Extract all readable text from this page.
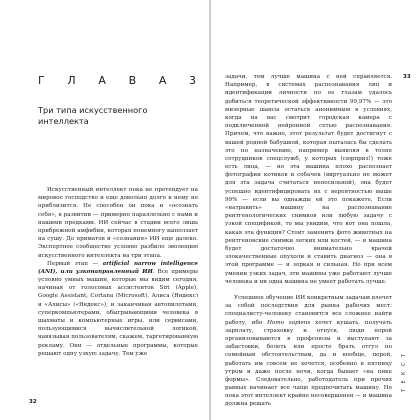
Г Л А В А 3
Три типа искусственного интеллекта

Искусственный интеллект пока не претендует на мировое господство и еще довольно долго к нему не приблизится. Не способен он пока и «осознать себя», в развитии — примерно параллельно с нами и нашими предками. ИИ сейчас в стадии всего лишь прибрежной амфибии, которая понемногу выползает на сушу. До приматов и «сознания» ИИ еще далеко. Экспертное сообщество условно разбило эволюцию искусственного интеллекта на три этапа.

Первый этап — artificial narrow intelligence (ANI), или узконаправленный ИИ. Все примеры условно умных машин, которые мы видим сегодня, начиная от голосовых ассистентов Siri (Apple), Google Assistant, Cortana (Microsoft), Алиса (Яндекс) и «Алисы» («Яндекс»), и заканчивая автопилотами, суперкомпьютерами, обыгрывающими человека в шахматы и компьютерные игры, или сервисами, пользующимися вычислительной логикой, навязывая пользователям, скажем, таргетированную рекламу. Они — отдельные программы, которые решают одну узкую задачу. Тем уже

32

задачи, тем лучше машина с ней справляется. Например, в системах распознавания лиц и идентификации личности по ее глазам удалось добиться теоретической эффективности 99,97% — это мизерные шансы остаться анонимным в условиях, когда на вас смотрит городская камера с подключенной нейронной сетью распознавания. Причем, что важно, этот результат будет достигнут с вашей родной бабушкой, которая пыталась бы сделать это по назначению, например выявляя в толпе сотрудников спецслужб, у которых (сюрприз!) тоже есть лица, — но эта машина плохо распознает фотографии котиков и собачек (виртуально не может для эта задача считаться непосильной), она будет успешно идентифицировать их с вероятностью выше 99% — если вы однажды ей это покажете. Если «натравить» машину на распознавание рентгенологических снимков или любую задачу с узкой спецификой, то мы увидим, что вот она пошла, какая эта функция? Стоит заменить фото животных на рентгеновские снимки легких или костей, — и машина будет достаточно внимательно врачей злокачественные опухоли и ставить диагноз — она в этой программе — и зоркая и сильная. Но при всем умении узких задач, эти машины уже работают лучше человека и ни одна машина не умеет работать лучше.

Успешное обучение ИИ конкретным задачам влечет за собой последствия для рынка рабочих мест: специалисту-человеку становится все сложнее найти работу, ибо Homo sapiens хочет кушать, получать зарплату, страховку и отпуск, люди порой организовываются в профсоюзы и выступают за забастовки, болеть или просто брать отгул по семейным обстоятельствам, да и вообще, порой, работать им совсем не хочется, особенно в пятницу утром и даже после ночи, когда бывает «на пике формы». Следовательно, работодатель при прочих равных начинает все чаще предпочитать машину. Но пока этот интеллект крайне несовершенен — и машина должна решать

33
Т Е К С Т
